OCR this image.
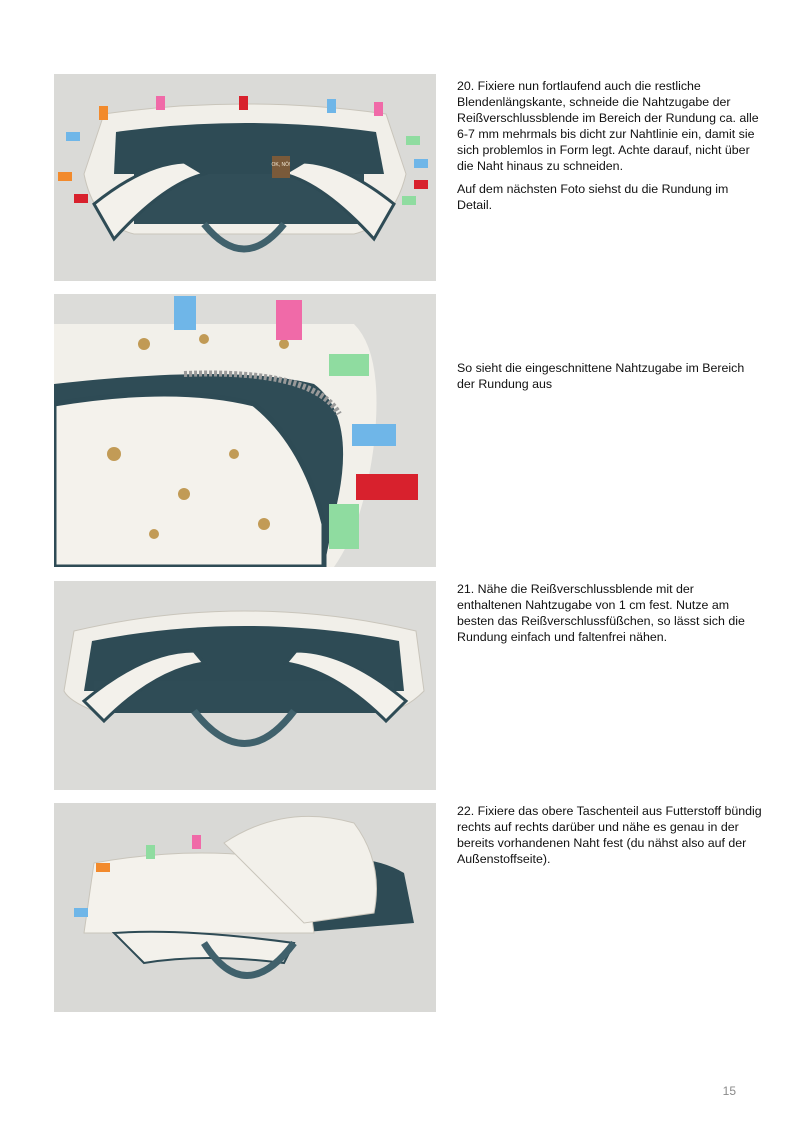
OK, NÖ!

20. Fixiere nun fortlaufend auch die restliche Blendenlängskante, schneide die Nahtzugabe der Reißverschlussblende im Bereich der Rundung ca. alle 6-7 mm mehrmals bis dicht zur Nahtlinie ein, damit sie sich problemlos in Form legt. Achte darauf, nicht über die Naht hinaus zu schneiden.

Auf dem nächsten Foto siehst du die Rundung im Detail.

So sieht die eingeschnittene Nahtzugabe im Bereich der Rundung aus

21. Nähe die Reißverschlussblende mit der enthaltenen Nahtzugabe von 1 cm fest. Nutze am besten das Reißverschlussfüßchen, so lässt sich die Rundung einfach und faltenfrei nähen.

22. Fixiere das obere Taschenteil aus Futterstoff bündig rechts auf rechts darüber und nähe es genau in der bereits vorhandenen Naht fest (du nähst also auf der Außenstoffseite).

15
